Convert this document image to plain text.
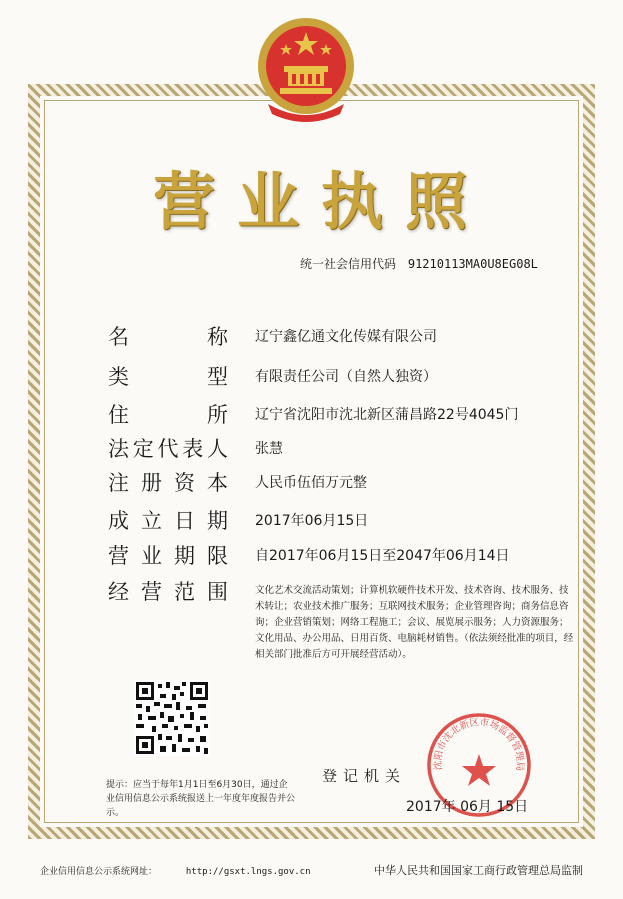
营业执照
统一社会信用代码 91210113MA0U8EG08L
名	称 辽宁鑫亿通文化传媒有限公司
类	型 有限责任公司（自然人独资）
住	所 辽宁省沈阳市沈北新区蒲昌路22号4045门
法 定 代 表 人 张慧
注 册 资 本 人民币伍佰万元整
成 立 日 期 2017年06月15日
营 业 期 限 自2017年06月15日至2047年06月14日
经 营 范 围	文化艺术交流活动策划；计算机软硬件技术开发、技术咨询、技术服务、技术转让；农业技术推广服务；互联网技术服务；企业管理咨询；商务信息咨询；企业营销策划；网络工程施工；会议、展览展示服务；人力资源服务；文化用品、办公用品、日用百货、电脑耗材销售。（依法须经批准的项目，经相关部门批准后方可开展经营活动）。
提示：应当于每年1月1日至6月30日，通过企业信用信息公示系统报送上一年度年度报告并公示。
登记机关
沈阳市沈北新区市场监督管理局
2017年 06月 15日
企业信用信息公示系统网址：	http://gsxt.lngs.gov.cn	中华人民共和国国家工商行政管理总局监制
